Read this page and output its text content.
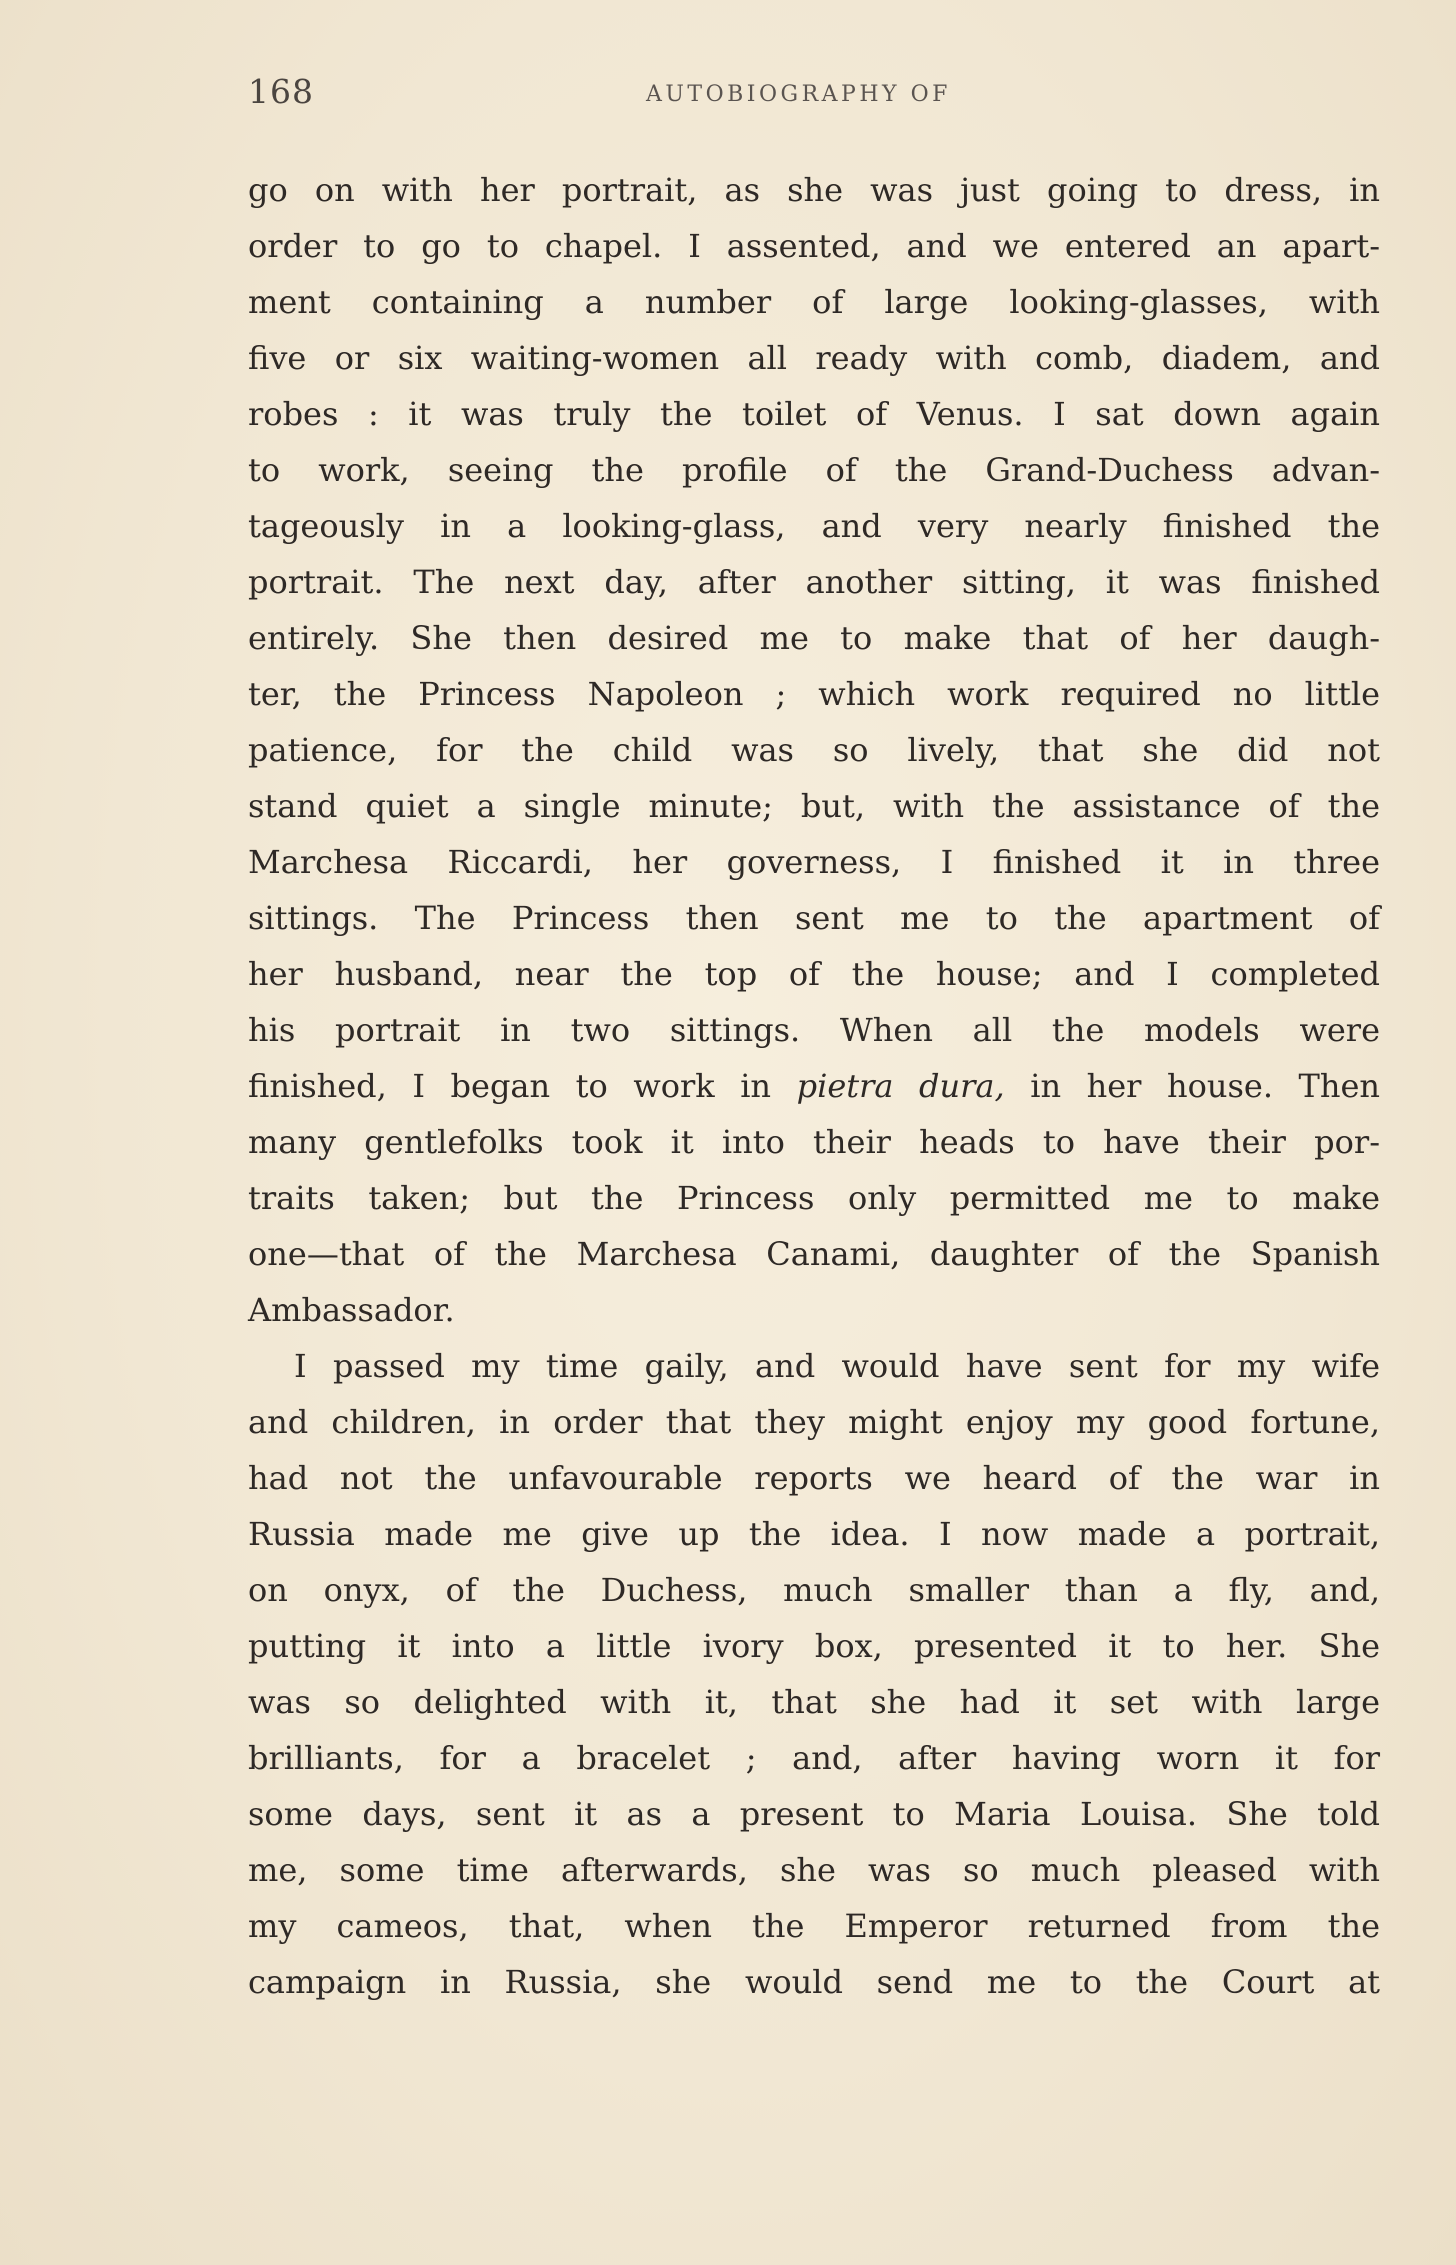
168	AUTOBIOGRAPHY OF
go on with her portrait, as she was just going to dress, in
order to go to chapel. I assented, and we entered an apart-
ment containing a number of large looking-glasses, with
five or six waiting-women all ready with comb, diadem, and
robes : it was truly the toilet of Venus. I sat down again
to work, seeing the profile of the Grand-Duchess advan-
tageously in a looking-glass, and very nearly finished the
portrait. The next day, after another sitting, it was finished
entirely. She then desired me to make that of her daugh-
ter, the Princess Napoleon ; which work required no little
patience, for the child was so lively, that she did not
stand quiet a single minute; but, with the assistance of the
Marchesa Riccardi, her governess, I finished it in three
sittings. The Princess then sent me to the apartment of
her husband, near the top of the house; and I completed
his portrait in two sittings. When all the models were
finished, I began to work in pietra dura, in her house. Then
many gentlefolks took it into their heads to have their por-
traits taken; but the Princess only permitted me to make
one—that of the Marchesa Canami, daughter of the Spanish
Ambassador.
I passed my time gaily, and would have sent for my wife
and children, in order that they might enjoy my good fortune,
had not the unfavourable reports we heard of the war in
Russia made me give up the idea. I now made a portrait,
on onyx, of the Duchess, much smaller than a fly, and,
putting it into a little ivory box, presented it to her. She
was so delighted with it, that she had it set with large
brilliants, for a bracelet ; and, after having worn it for
some days, sent it as a present to Maria Louisa. She told
me, some time afterwards, she was so much pleased with
my cameos, that, when the Emperor returned from the
campaign in Russia, she would send me to the Court at
